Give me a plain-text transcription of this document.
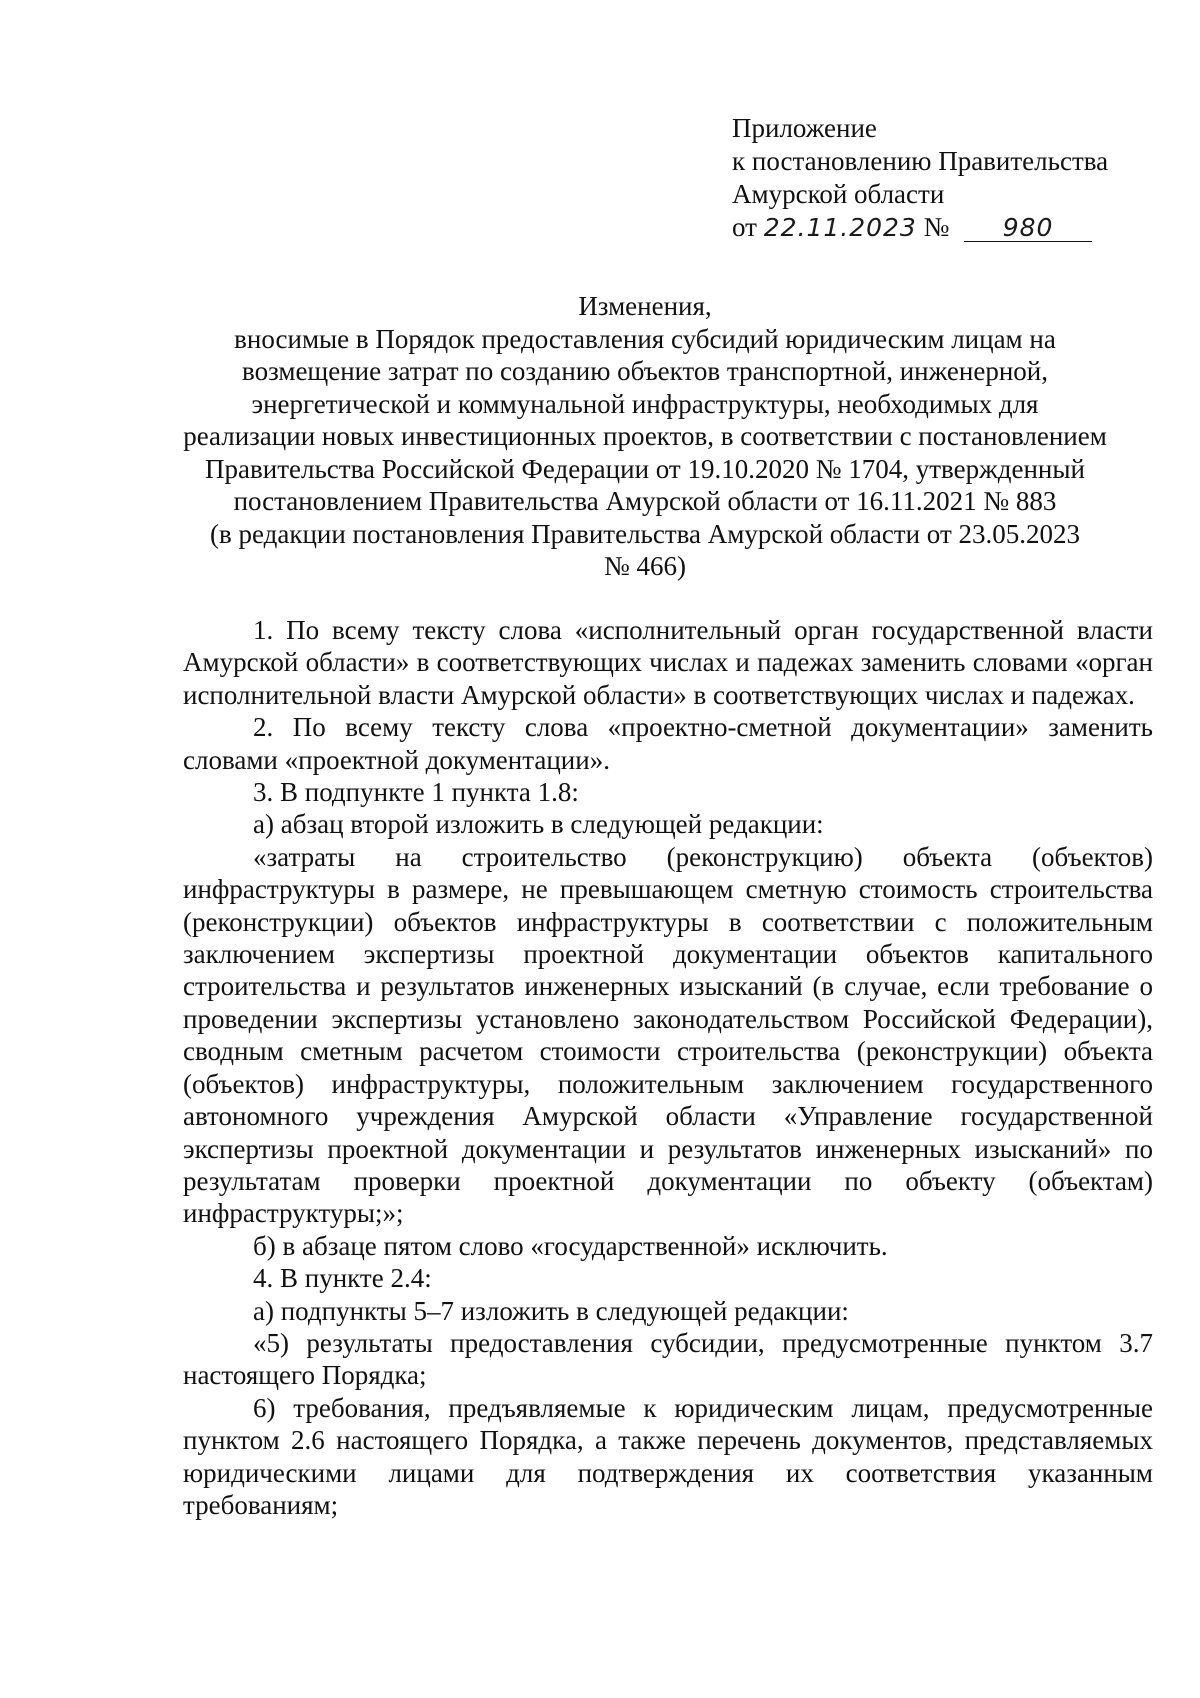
Приложение
к постановлению Правительства
Амурской области
от 22.11.2023 № 980
Изменения,
вносимые в Порядок предоставления субсидий юридическим лицам на
возмещение затрат по созданию объектов транспортной, инженерной,
энергетической и коммунальной инфраструктуры, необходимых для
реализации новых инвестиционных проектов, в соответствии с постановлением
Правительства Российской Федерации от 19.10.2020 № 1704, утвержденный
постановлением Правительства Амурской области от 16.11.2021 № 883
(в редакции постановления Правительства Амурской области от 23.05.2023
№ 466)

1. По всему тексту слова «исполнительный орган государственной власти Амурской области» в соответствующих числах и падежах заменить словами «орган исполнительной власти Амурской области» в соответствующих числах и падежах.

2. По всему тексту слова «проектно-сметной документации» заменить словами «проектной документации».

3. В подпункте 1 пункта 1.8:

а) абзац второй изложить в следующей редакции:

«затраты на строительство (реконструкцию) объекта (объектов) инфраструктуры в размере, не превышающем сметную стоимость строительства (реконструкции) объектов инфраструктуры в соответствии с положительным заключением экспертизы проектной документации объектов капитального строительства и результатов инженерных изысканий (в случае, если требование о проведении экспертизы установлено законодательством Российской Федерации), сводным сметным расчетом стоимости строительства (реконструкции) объекта (объектов) инфраструктуры, положительным заключением государственного автономного учреждения Амурской области «Управление государственной экспертизы проектной документации и результатов инженерных изысканий» по результатам проверки проектной документации по объекту (объектам) инфраструктуры;»;

б) в абзаце пятом слово «государственной» исключить.

4. В пункте 2.4:

а) подпункты 5–7 изложить в следующей редакции:

«5) результаты предоставления субсидии, предусмотренные пунктом 3.7 настоящего Порядка;

6) требования, предъявляемые к юридическим лицам, предусмотренные пунктом 2.6 настоящего Порядка, а также перечень документов, представляемых юридическими лицами для подтверждения их соответствия указанным требованиям;
